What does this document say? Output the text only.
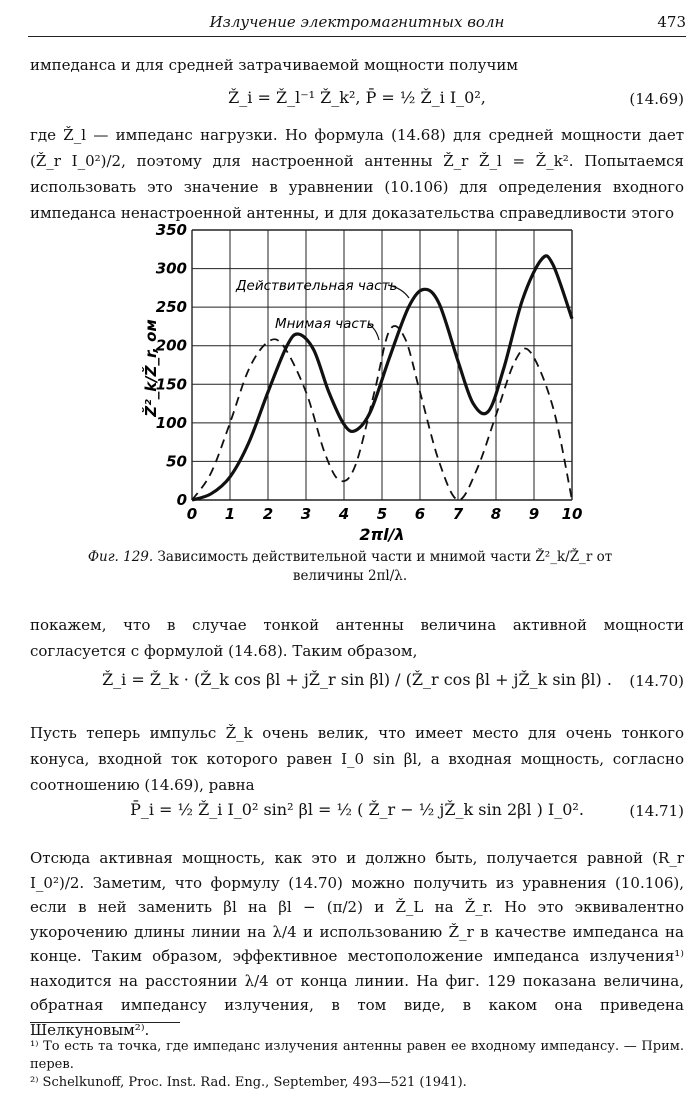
Излучение электромагнитных волн	473
импеданса и для средней затрачиваемой мощности получим
Ž_i = Ž_l⁻¹ Ž_k², P̄ = ½ Ž_i I_0²,	(14.69)
где Ž_l — импеданс нагрузки. Но формула (14.68) для средней мощности дает (Ž_r I_0²)/2, поэтому для настроенной антенны Ž_r Ž_l = Ž_k². Попытаемся использовать это значение в уравнении (10.106) для определения входного импеданса ненастроенной антенны, и для доказательства справедливости этого
0 1 2 3 4 5 6 7 8 9 10
0
50
100
150
200
250
300
350
Ž²_k/Ž_r, ом
2πl/λ
Действительная часть
Мнимая часть
Фиг. 129. Зависимость действительной части и мнимой части Ž²_k/Ž_r от величины 2πl/λ.
покажем, что в случае тонкой антенны величина активной мощности согласуется с формулой (14.68). Таким образом,
Ž_i = Ž_k · (Ž_k cos βl + jŽ_r sin βl) / (Ž_r cos βl + jŽ_k sin βl) .	(14.70)
Пусть теперь импульс Ž_k очень велик, что имеет место для очень тонкого конуса, входной ток которого равен I_0 sin βl, а входная мощность, согласно соотношению (14.69), равна
P̄_i = ½ Ž_i I_0² sin² βl = ½ ( Ž_r − ½ jŽ_k sin 2βl ) I_0².	(14.71)
Отсюда активная мощность, как это и должно быть, получается равной (R_r I_0²)/2. Заметим, что формулу (14.70) можно получить из уравнения (10.106), если в ней заменить βl на βl − (π/2) и Ž_L на Ž_r. Но это эквивалентно укорочению длины линии на λ/4 и использованию Ž_r в качестве импеданса на конце. Таким образом, эффективное местоположение импеданса излучения¹⁾ находится на расстоянии λ/4 от конца линии. На фиг. 129 показана величина, обратная импедансу излучения, в том виде, в каком она приведена Шелкуновым²⁾.
¹⁾ То есть та точка, где импеданс излучения антенны равен ее входному импедансу. — Прим. перев.
²⁾ Schelkunoff, Proc. Inst. Rad. Eng., September, 493—521 (1941).
